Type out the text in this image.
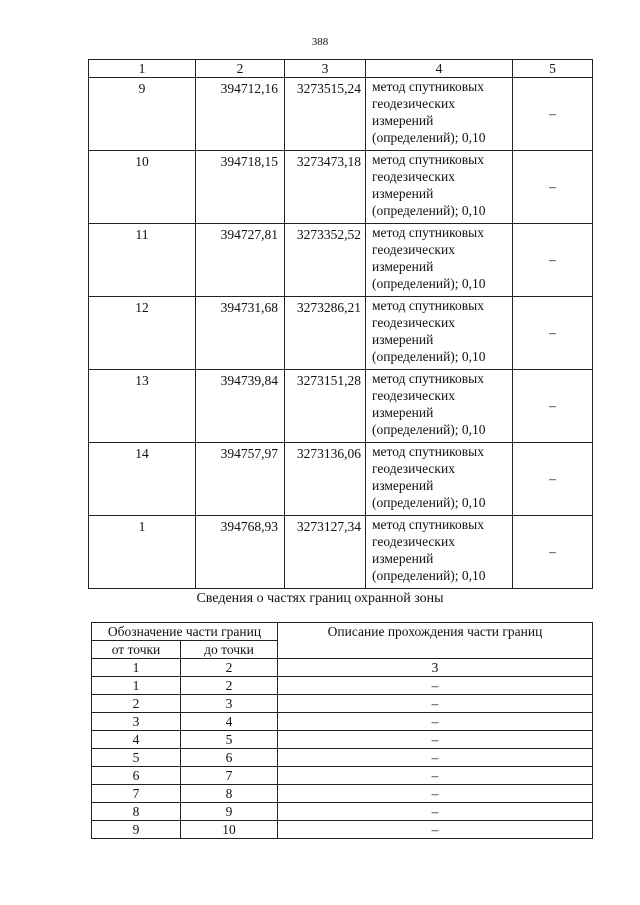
388
1	2	3	4	5
9	394712,16	3273515,24	метод спутниковых
геодезических
измерений
(определений); 0,10	–
10	394718,15	3273473,18	метод спутниковых
геодезических
измерений
(определений); 0,10	–
11	394727,81	3273352,52	метод спутниковых
геодезических
измерений
(определений); 0,10	–
12	394731,68	3273286,21	метод спутниковых
геодезических
измерений
(определений); 0,10	–
13	394739,84	3273151,28	метод спутниковых
геодезических
измерений
(определений); 0,10	–
14	394757,97	3273136,06	метод спутниковых
геодезических
измерений
(определений); 0,10	–
1	394768,93	3273127,34	метод спутниковых
геодезических
измерений
(определений); 0,10	–
Сведения о частях границ охранной зоны
Обозначение части границ		Описание прохождения части границ
от точки	до точки	
1	2	3
1	2	–
2	3	–
3	4	–
4	5	–
5	6	–
6	7	–
7	8	–
8	9	–
9	10	–
